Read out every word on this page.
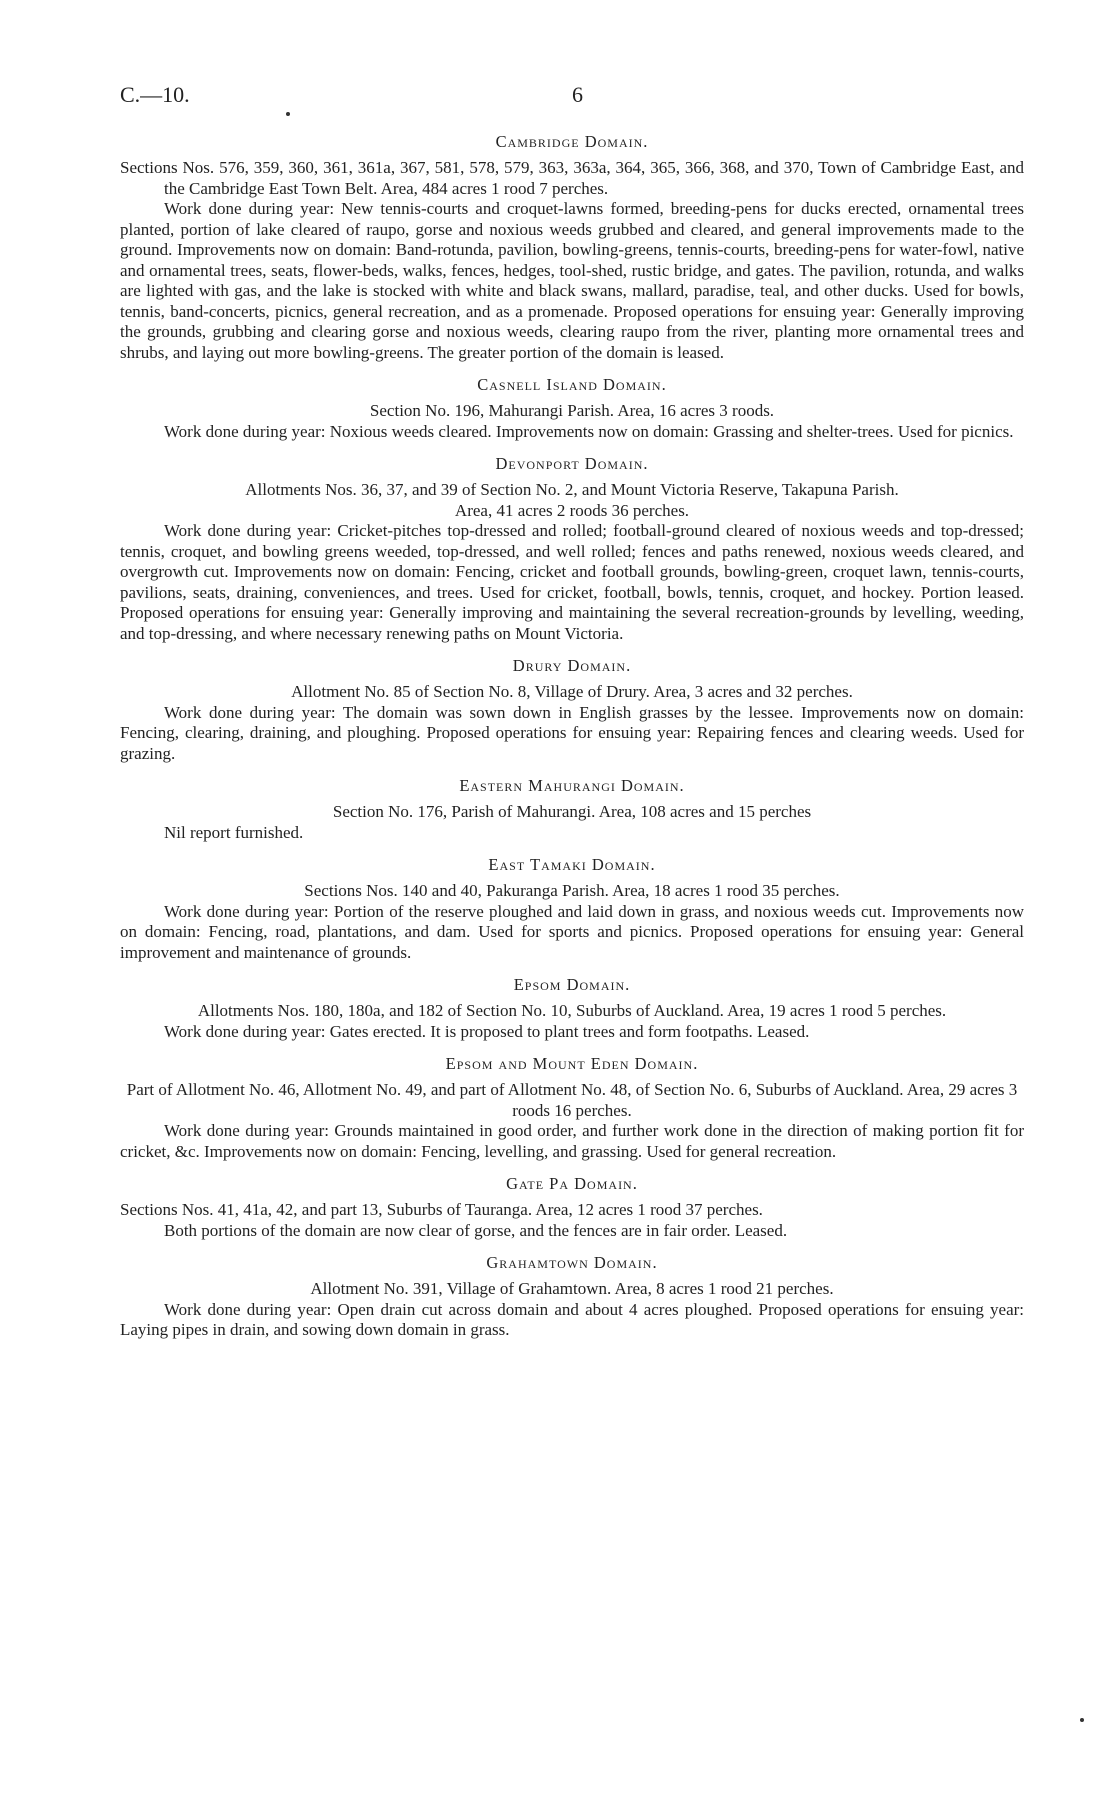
C.—10.	6
Cambridge Domain.
Sections Nos. 576, 359, 360, 361, 361a, 367, 581, 578, 579, 363, 363a, 364, 365, 366, 368, and 370, Town of Cambridge East, and the Cambridge East Town Belt. Area, 484 acres 1 rood 7 perches.
Work done during year: New tennis-courts and croquet-lawns formed, breeding-pens for ducks erected, ornamental trees planted, portion of lake cleared of raupo, gorse and noxious weeds grubbed and cleared, and general improvements made to the ground. Improvements now on domain: Band-rotunda, pavilion, bowling-greens, tennis-courts, breeding-pens for water-fowl, native and ornamental trees, seats, flower-beds, walks, fences, hedges, tool-shed, rustic bridge, and gates. The pavilion, rotunda, and walks are lighted with gas, and the lake is stocked with white and black swans, mallard, paradise, teal, and other ducks. Used for bowls, tennis, band-concerts, picnics, general recreation, and as a promenade. Proposed operations for ensuing year: Generally improving the grounds, grubbing and clearing gorse and noxious weeds, clearing raupo from the river, planting more ornamental trees and shrubs, and laying out more bowling-greens. The greater portion of the domain is leased.
Casnell Island Domain.
Section No. 196, Mahurangi Parish. Area, 16 acres 3 roods.
Work done during year: Noxious weeds cleared. Improvements now on domain: Grassing and shelter-trees. Used for picnics.
Devonport Domain.
Allotments Nos. 36, 37, and 39 of Section No. 2, and Mount Victoria Reserve, Takapuna Parish.
Area, 41 acres 2 roods 36 perches.
Work done during year: Cricket-pitches top-dressed and rolled; football-ground cleared of noxious weeds and top-dressed; tennis, croquet, and bowling greens weeded, top-dressed, and well rolled; fences and paths renewed, noxious weeds cleared, and overgrowth cut. Improvements now on domain: Fencing, cricket and football grounds, bowling-green, croquet lawn, tennis-courts, pavilions, seats, draining, conveniences, and trees. Used for cricket, football, bowls, tennis, croquet, and hockey. Portion leased. Proposed operations for ensuing year: Generally improving and maintaining the several recreation-grounds by levelling, weeding, and top-dressing, and where necessary renewing paths on Mount Victoria.
Drury Domain.
Allotment No. 85 of Section No. 8, Village of Drury. Area, 3 acres and 32 perches.
Work done during year: The domain was sown down in English grasses by the lessee. Improvements now on domain: Fencing, clearing, draining, and ploughing. Proposed operations for ensuing year: Repairing fences and clearing weeds. Used for grazing.
Eastern Mahurangi Domain.
Section No. 176, Parish of Mahurangi. Area, 108 acres and 15 perches
Nil report furnished.
East Tamaki Domain.
Sections Nos. 140 and 40, Pakuranga Parish. Area, 18 acres 1 rood 35 perches.
Work done during year: Portion of the reserve ploughed and laid down in grass, and noxious weeds cut. Improvements now on domain: Fencing, road, plantations, and dam. Used for sports and picnics. Proposed operations for ensuing year: General improvement and maintenance of grounds.
Epsom Domain.
Allotments Nos. 180, 180a, and 182 of Section No. 10, Suburbs of Auckland. Area, 19 acres 1 rood 5 perches.
Work done during year: Gates erected. It is proposed to plant trees and form footpaths. Leased.
Epsom and Mount Eden Domain.
Part of Allotment No. 46, Allotment No. 49, and part of Allotment No. 48, of Section No. 6, Suburbs of Auckland. Area, 29 acres 3 roods 16 perches.
Work done during year: Grounds maintained in good order, and further work done in the direction of making portion fit for cricket, &c. Improvements now on domain: Fencing, levelling, and grassing. Used for general recreation.
Gate Pa Domain.
Sections Nos. 41, 41a, 42, and part 13, Suburbs of Tauranga. Area, 12 acres 1 rood 37 perches.
Both portions of the domain are now clear of gorse, and the fences are in fair order. Leased.
Grahamtown Domain.
Allotment No. 391, Village of Grahamtown. Area, 8 acres 1 rood 21 perches.
Work done during year: Open drain cut across domain and about 4 acres ploughed. Proposed operations for ensuing year: Laying pipes in drain, and sowing down domain in grass.
